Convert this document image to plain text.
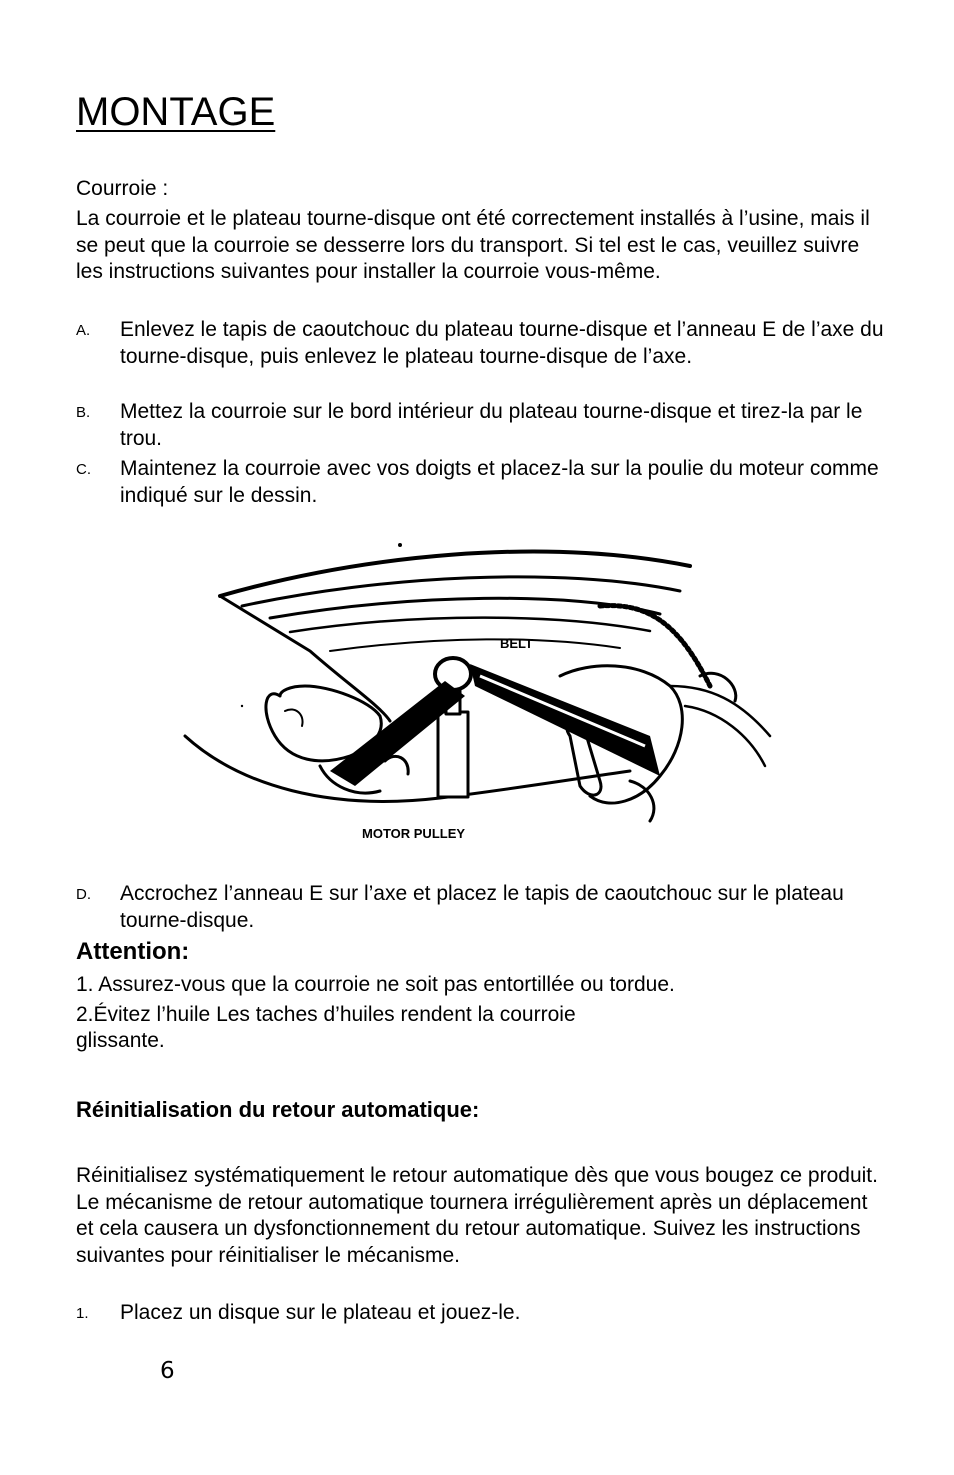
MONTAGE
Courroie :
La courroie et le plateau tourne-disque ont été correctement installés à l’usine, mais il se peut que la courroie se desserre lors du transport. Si tel est le cas, veuillez suivre les instructions suivantes pour installer la courroie vous-même.
A. Enlevez le tapis de caoutchouc du plateau tourne-disque et l’anneau E de l’axe du tourne-disque, puis enlevez le plateau tourne-disque de l’axe.
B. Mettez la courroie sur le bord intérieur du plateau tourne-disque et tirez-la par le trou.
C. Maintenez la courroie avec vos doigts et placez-la sur la poulie du moteur comme indiqué sur le dessin.
BELT
MOTOR PULLEY
D. Accrochez l’anneau E sur l’axe et placez le tapis de caoutchouc sur le plateau tourne-disque.
Attention:
1. Assurez-vous que la courroie ne soit pas entortillée ou tordue.
2.Évitez l’huile Les taches d’huiles rendent la courroie
glissante.
Réinitialisation du retour automatique:
Réinitialisez systématiquement le retour automatique dès que vous bougez ce produit. Le mécanisme de retour automatique tournera irrégulièrement après un déplacement et cela causera un dysfonctionnement du retour automatique. Suivez les instructions suivantes pour réinitialiser le mécanisme.
1. Placez un disque sur le plateau et jouez-le.
6
